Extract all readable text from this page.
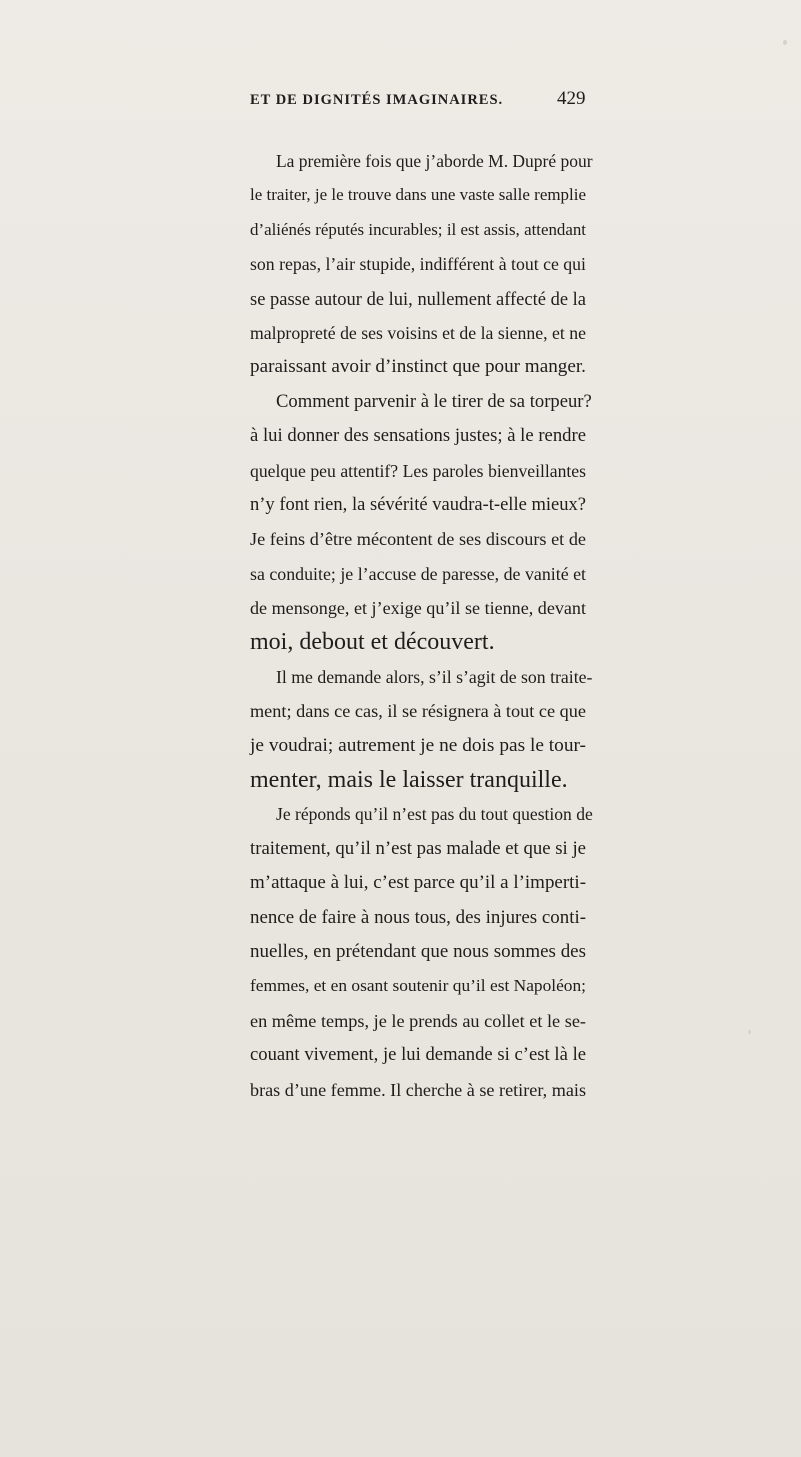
ET DE DIGNITÉS IMAGINAIRES.	429
La première fois que j’aborde M. Dupré pour
le traiter, je le trouve dans une vaste salle remplie
d’aliénés réputés incurables; il est assis, attendant
son repas, l’air stupide, indifférent à tout ce qui
se passe autour de lui, nullement affecté de la
malpropreté de ses voisins et de la sienne, et ne
paraissant avoir d’instinct que pour manger.
Comment parvenir à le tirer de sa torpeur?
à lui donner des sensations justes; à le rendre
quelque peu attentif? Les paroles bienveillantes
n’y font rien, la sévérité vaudra-t-elle mieux?
Je feins d’être mécontent de ses discours et de
sa conduite; je l’accuse de paresse, de vanité et
de mensonge, et j’exige qu’il se tienne, devant
moi, debout et découvert.
Il me demande alors, s’il s’agit de son traite-
ment; dans ce cas, il se résignera à tout ce que
je voudrai; autrement je ne dois pas le tour-
menter, mais le laisser tranquille.
Je réponds qu’il n’est pas du tout question de
traitement, qu’il n’est pas malade et que si je
m’attaque à lui, c’est parce qu’il a l’imperti-
nence de faire à nous tous, des injures conti-
nuelles, en prétendant que nous sommes des
femmes, et en osant soutenir qu’il est Napoléon;
en même temps, je le prends au collet et le se-
couant vivement, je lui demande si c’est là le
bras d’une femme. Il cherche à se retirer, mais
